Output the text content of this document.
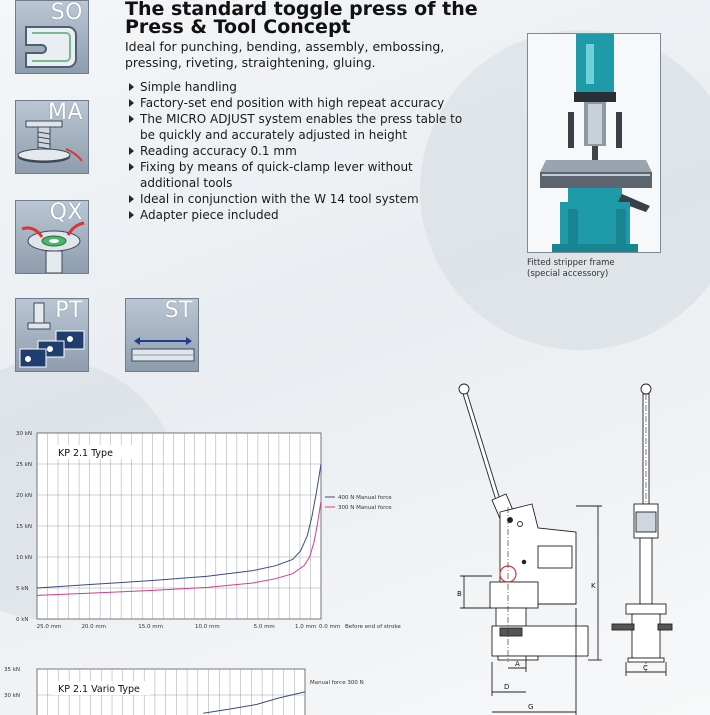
SO
MA
QX
PT	ST
The standard toggle press of the
Press & Tool Concept

Ideal for punching, bending, assembly, embossing, pressing, riveting, straightening, gluing.

Simple handling
Factory-set end position with high repeat accuracy
The MICRO ADJUST system enables the press table to be quickly and accurately adjusted in height
Reading accuracy 0.1 mm
Fixing by means of quick-clamp lever without additional tools
Ideal in conjunction with the W 14 tool system
Adapter piece included
Fitted stripper frame
(special accessory)
30 kN
25 kN
20 kN
15 kN
10 kN
5 kN
0 kN
25.0 mm	20.0 mm	15.0 mm	10.0 mm	5.0 mm	1.0 mm 0.0 mm
KP 2.1 Type
Before end of stroke
400 N Manual force
300 N Manual force
35 kN
30 kN
KP 2.1 Vario Type
Manual force 300 N
B
K
A
D
G
C
